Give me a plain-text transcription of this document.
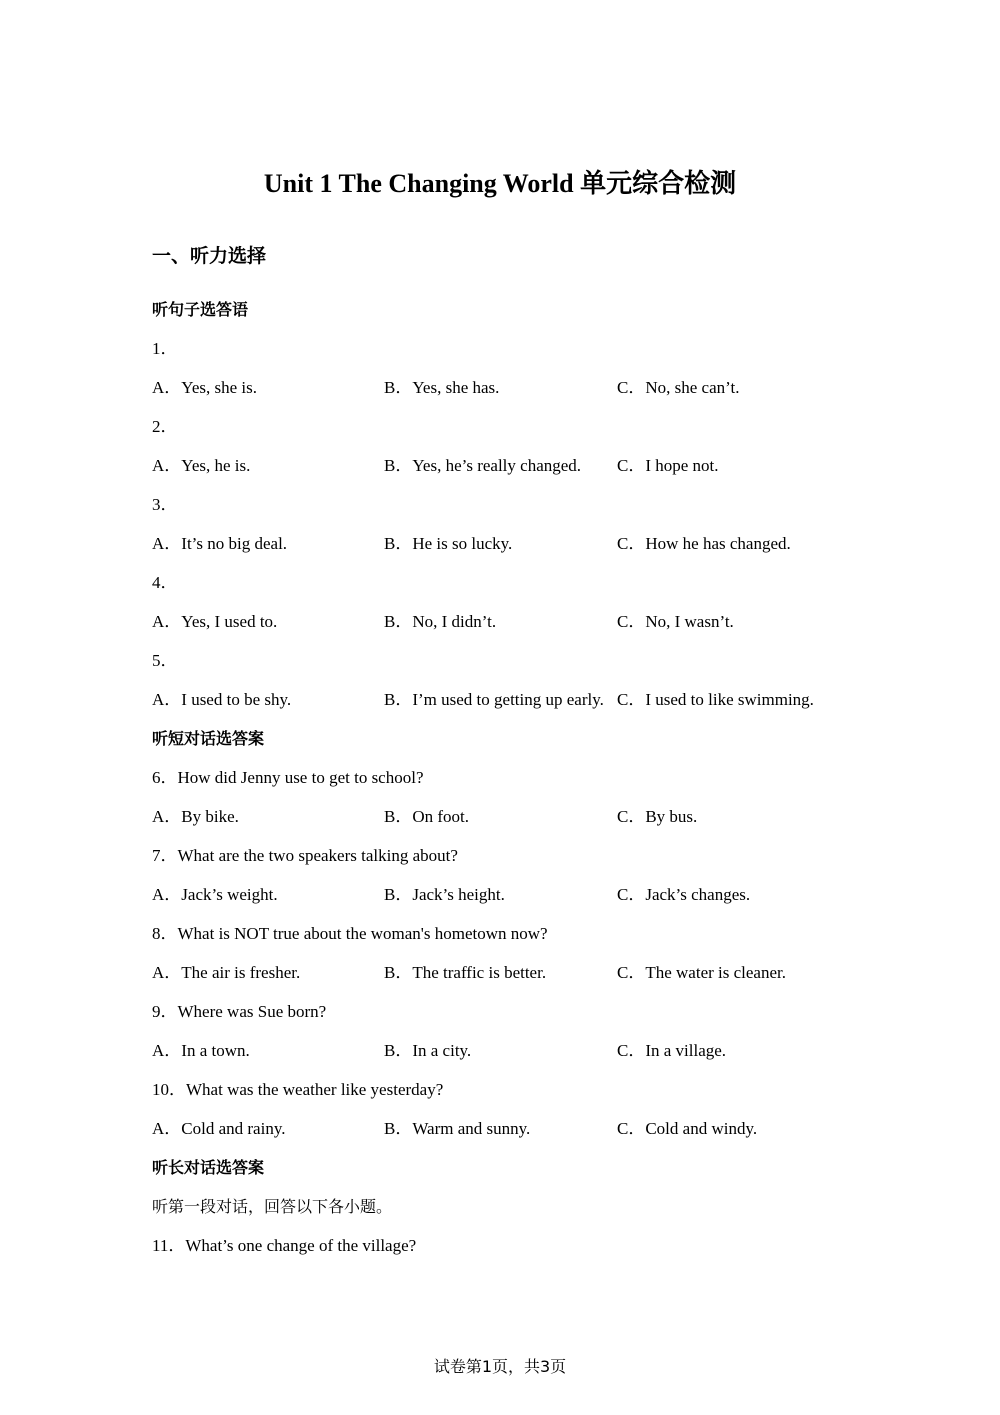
Unit 1 The Changing World 单元综合检测
一、听力选择
听句子选答语
1．
A．Yes, she is.	B．Yes, she has.	C．No, she can’t.
2．
A．Yes, he is.	B．Yes, he’s really changed. C．I hope not.
3．
A．It’s no big deal.	B．He is so lucky.	C．How he has changed.
4．
A．Yes, I used to.	B．No, I didn’t.	C．No, I wasn’t.
5．
A．I used to be shy.	B．I’m used to getting up early. C．I used to like swimming.
听短对话选答案
6．How did Jenny use to get to school?
A．By bike.	B．On foot.	C．By bus.
7．What are the two speakers talking about?
A．Jack’s weight.	B．Jack’s height.	C．Jack’s changes.
8．What is NOT true about the woman's hometown now?
A．The air is fresher.	B．The traffic is better.	C．The water is cleaner.
9．Where was Sue born?
A．In a town.	B．In a city.	C．In a village.
10．What was the weather like yesterday?
A．Cold and rainy.	B．Warm and sunny.	C．Cold and windy.
听长对话选答案
听第一段对话，回答以下各小题。
11．What’s one change of the village?
试卷第1页，共3页
